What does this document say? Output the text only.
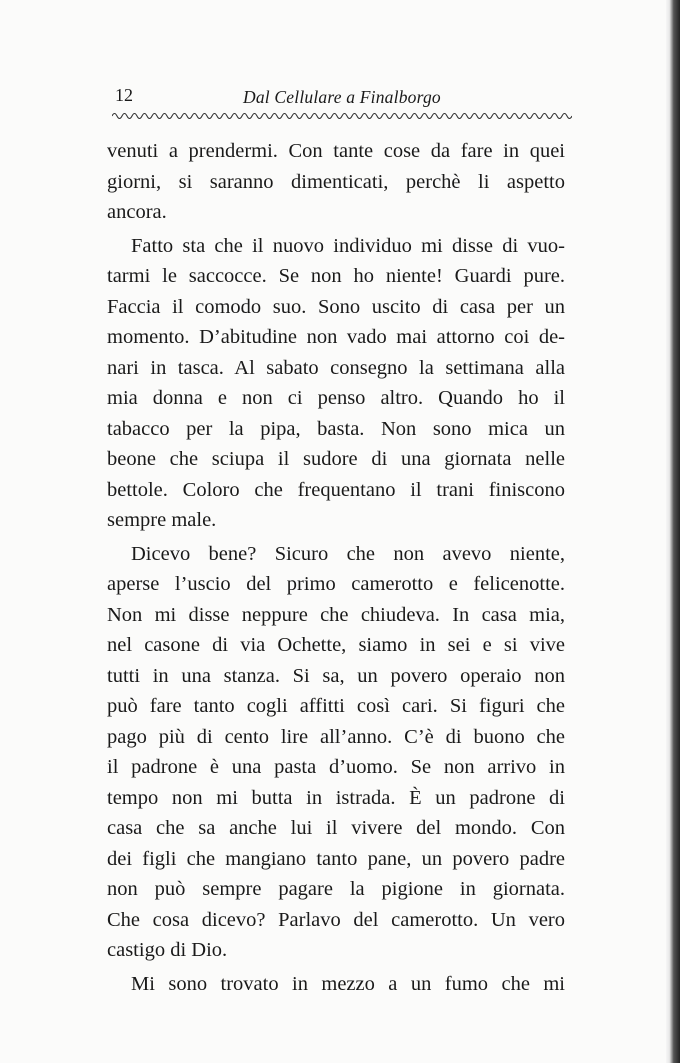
12	Dal Cellulare a Finalborgo
venuti a prendermi. Con tante cose da fare in quei
giorni, si saranno dimenticati, perchè li aspetto
ancora.
Fatto sta che il nuovo individuo mi disse di vuo-
tarmi le saccocce. Se non ho niente! Guardi pure.
Faccia il comodo suo. Sono uscito di casa per un
momento. D’abitudine non vado mai attorno coi de-
nari in tasca. Al sabato consegno la settimana alla
mia donna e non ci penso altro. Quando ho il
tabacco per la pipa, basta. Non sono mica un
beone che sciupa il sudore di una giornata nelle
bettole. Coloro che frequentano il trani finiscono
sempre male.
Dicevo bene? Sicuro che non avevo niente,
aperse l’uscio del primo camerotto e felicenotte.
Non mi disse neppure che chiudeva. In casa mia,
nel casone di via Ochette, siamo in sei e si vive
tutti in una stanza. Si sa, un povero operaio non
può fare tanto cogli affitti così cari. Si figuri che
pago più di cento lire all’anno. C’è di buono che
il padrone è una pasta d’uomo. Se non arrivo in
tempo non mi butta in istrada. È un padrone di
casa che sa anche lui il vivere del mondo. Con
dei figli che mangiano tanto pane, un povero padre
non può sempre pagare la pigione in giornata.
Che cosa dicevo? Parlavo del camerotto. Un vero
castigo di Dio.
Mi sono trovato in mezzo a un fumo che mi
